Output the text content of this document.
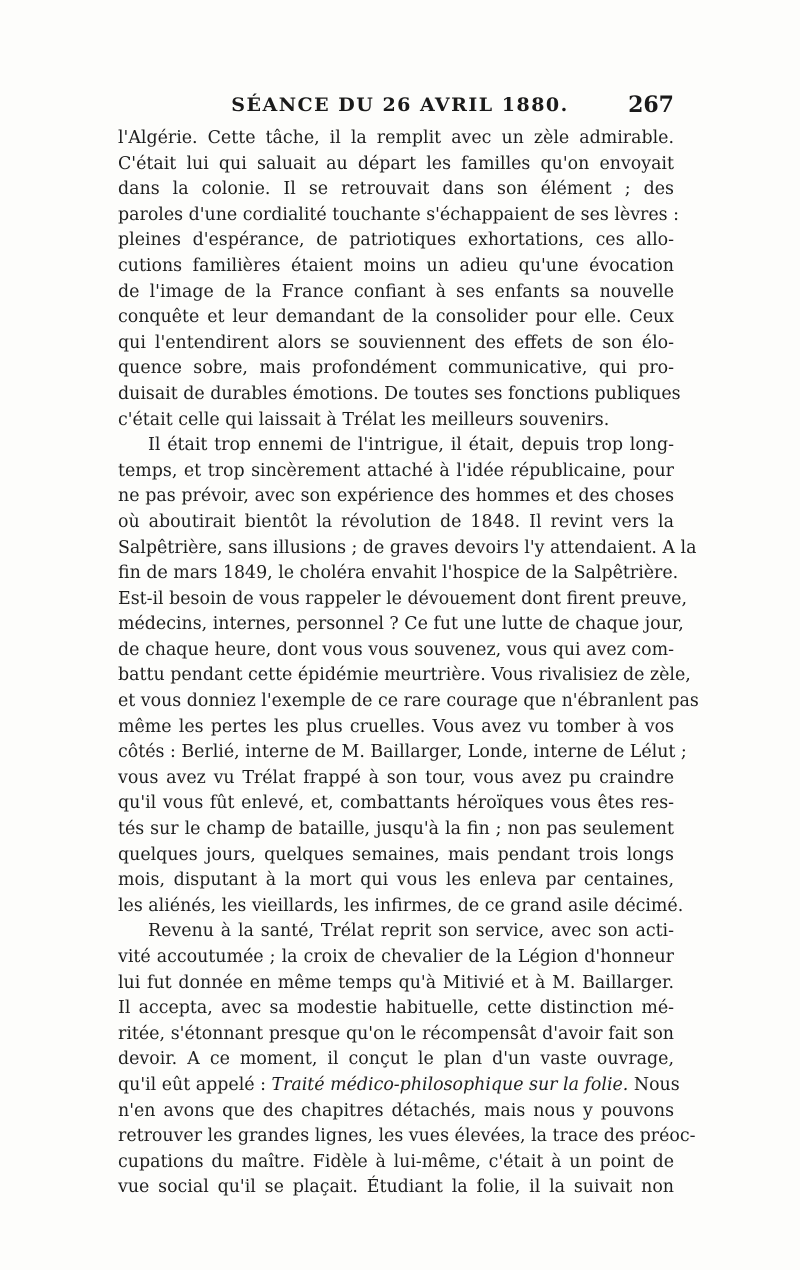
SÉANCE DU 26 AVRIL 1880.	267
l'Algérie. Cette tâche, il la remplit avec un zèle admirable.
C'était lui qui saluait au départ les familles qu'on envoyait
dans la colonie. Il se retrouvait dans son élément ; des
paroles d'une cordialité touchante s'échappaient de ses lèvres :
pleines d'espérance, de patriotiques exhortations, ces allo-
cutions familières étaient moins un adieu qu'une évocation
de l'image de la France confiant à ses enfants sa nouvelle
conquête et leur demandant de la consolider pour elle. Ceux
qui l'entendirent alors se souviennent des effets de son élo-
quence sobre, mais profondément communicative, qui pro-
duisait de durables émotions. De toutes ses fonctions publiques
c'était celle qui laissait à Trélat les meilleurs souvenirs.
Il était trop ennemi de l'intrigue, il était, depuis trop long-
temps, et trop sincèrement attaché à l'idée républicaine, pour
ne pas prévoir, avec son expérience des hommes et des choses
où aboutirait bientôt la révolution de 1848. Il revint vers la
Salpêtrière, sans illusions ; de graves devoirs l'y attendaient. A la
fin de mars 1849, le choléra envahit l'hospice de la Salpêtrière.
Est-il besoin de vous rappeler le dévouement dont firent preuve,
médecins, internes, personnel ? Ce fut une lutte de chaque jour,
de chaque heure, dont vous vous souvenez, vous qui avez com-
battu pendant cette épidémie meurtrière. Vous rivalisiez de zèle,
et vous donniez l'exemple de ce rare courage que n'ébranlent pas
même les pertes les plus cruelles. Vous avez vu tomber à vos
côtés : Berlié, interne de M. Baillarger, Londe, interne de Lélut ;
vous avez vu Trélat frappé à son tour, vous avez pu craindre
qu'il vous fût enlevé, et, combattants héroïques vous êtes res-
tés sur le champ de bataille, jusqu'à la fin ; non pas seulement
quelques jours, quelques semaines, mais pendant trois longs
mois, disputant à la mort qui vous les enleva par centaines,
les aliénés, les vieillards, les infirmes, de ce grand asile décimé.
Revenu à la santé, Trélat reprit son service, avec son acti-
vité accoutumée ; la croix de chevalier de la Légion d'honneur
lui fut donnée en même temps qu'à Mitivié et à M. Baillarger.
Il accepta, avec sa modestie habituelle, cette distinction mé-
ritée, s'étonnant presque qu'on le récompensât d'avoir fait son
devoir. A ce moment, il conçut le plan d'un vaste ouvrage,
qu'il eût appelé : Traité médico-philosophique sur la folie. Nous
n'en avons que des chapitres détachés, mais nous y pouvons
retrouver les grandes lignes, les vues élevées, la trace des préoc-
cupations du maître. Fidèle à lui-même, c'était à un point de
vue social qu'il se plaçait. Étudiant la folie, il la suivait non
